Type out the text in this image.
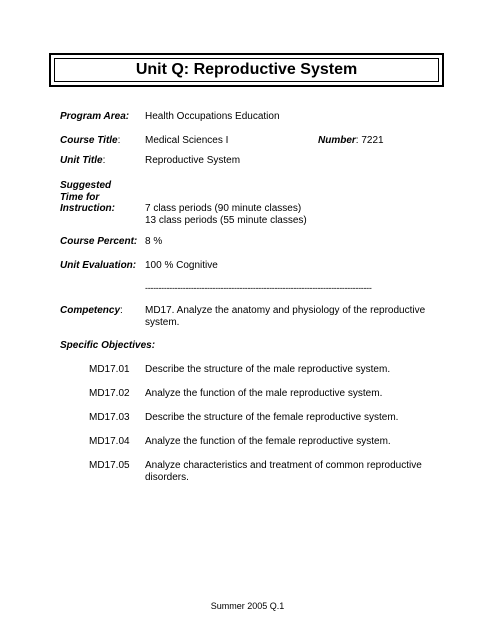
Unit Q: Reproductive System
Program Area: Health Occupations Education
Course Title: Medical Sciences I	Number: 7221
Unit Title:	Reproductive System
Suggested
Time for
Instruction:	7 class periods (90 minute classes)
13 class periods (55 minute classes)
Course Percent: 8 %
Unit Evaluation: 100 % Cognitive
------------------------------------------------------------------------------------
Competency: MD17. Analyze the anatomy and physiology of the reproductive
system.
Specific Objectives:
MD17.01 Describe the structure of the male reproductive system.
MD17.02 Analyze the function of the male reproductive system.
MD17.03 Describe the structure of the female reproductive system.
MD17.04 Analyze the function of the female reproductive system.
MD17.05 Analyze characteristics and treatment of common reproductive
disorders.
Summer 2005 Q.1
